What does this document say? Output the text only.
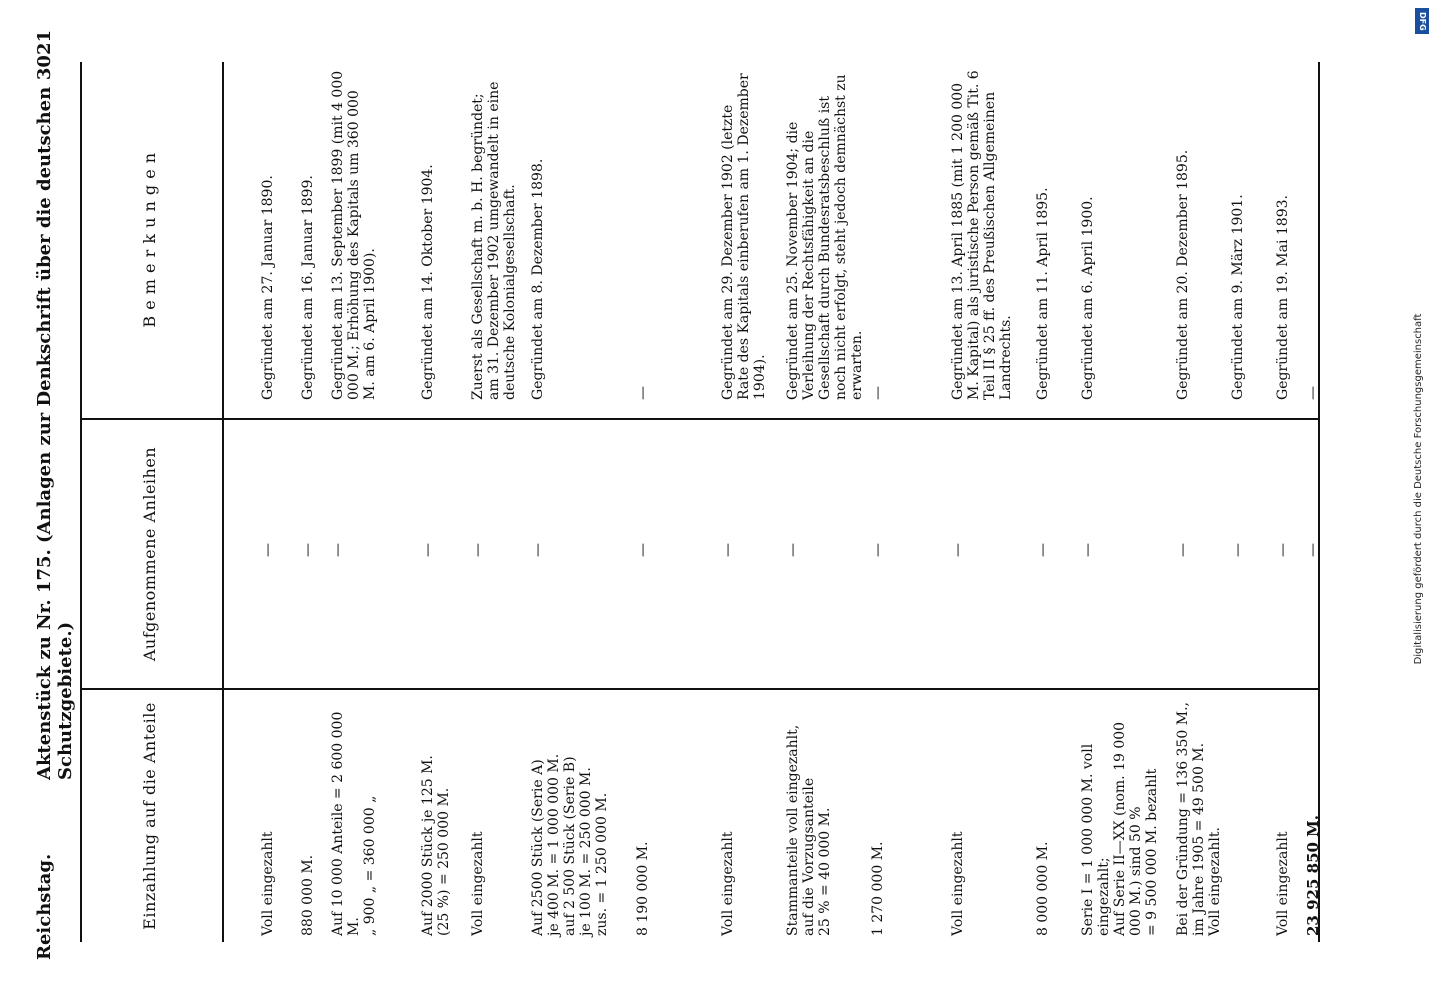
Reichstag.
Aktenstück zu Nr. 175. (Anlagen zur Denkschrift über die deutschen Schutzgebiete.)
3021
Einzahlung auf die Anteile
Aufgenommene Anleihen
B e m e r k u n g e n
Voll eingezahlt
—
Gegründet am 27. Januar 1890.
880 000 M.
—
Gegründet am 16. Januar 1899.
Auf 10 000 Anteile = 2 600 000 M.
„ 900 „ = 360 000 „
—
Gegründet am 13. September 1899 (mit 4 000 000 M.; Erhöhung des Kapitals um 360 000 M. am 6. April 1900).
Auf 2000 Stück je 125 M.
(25 %) = 250 000 M.
—
Gegründet am 14. Oktober 1904.
Voll eingezahlt
—
Zuerst als Gesellschaft m. b. H. begründet; am 31. Dezember 1902 umgewandelt in eine deutsche Kolonialgesellschaft.
Auf 2500 Stück (Serie A)
je 400 M. = 1 000 000 M.
auf 2 500 Stück (Serie B)
je 100 M. = 250 000 M.
zus. = 1 250 000 M.
—
Gegründet am 8. Dezember 1898.
8 190 000 M.
—
—
Voll eingezahlt
—
Gegründet am 29. Dezember 1902 (letzte Rate des Kapitals einberufen am 1. Dezember 1904).
Stammanteile voll eingezahlt,
auf die Vorzugsanteile
25 % = 40 000 M.
—
Gegründet am 25. November 1904; die Verleihung der Rechtsfähigkeit an die Gesellschaft durch Bundesratsbeschluß ist noch nicht erfolgt, steht jedoch demnächst zu erwarten.
1 270 000 M.
—
—
Voll eingezahlt
—
Gegründet am 13. April 1885 (mit 1 200 000 M. Kapital) als juristische Person gemäß Tit. 6 Teil II § 25 ff. des Preußischen Allgemeinen Landrechts.
8 000 000 M.
—
Gegründet am 11. April 1895.
Serie I = 1 000 000 M. voll eingezahlt;
Auf Serie II—XX (nom. 19 000 000 M.) sind 50 %
= 9 500 000 M. bezahlt
—
Gegründet am 6. April 1900.
Bei der Gründung = 136 350 M.,
im Jahre 1905 = 49 500 M.
Voll eingezahlt.
—
Gegründet am 20. Dezember 1895.
—
Gegründet am 9. März 1901.
Voll eingezahlt
—
Gegründet am 19. Mai 1893.
23 925 850 M.
—
—
DFG
Digitalisierung gefördert durch die Deutsche Forschungsgemeinschaft
